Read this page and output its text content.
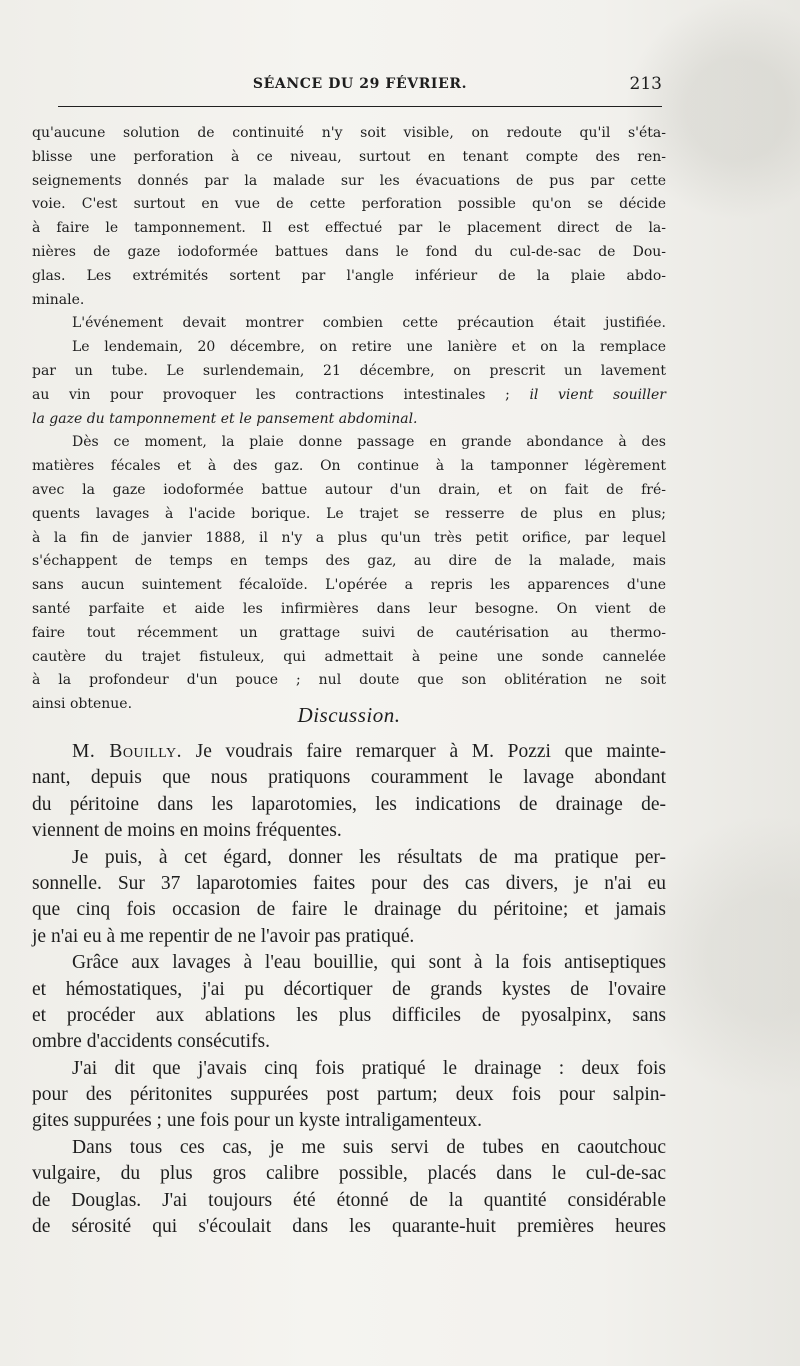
SÉANCE DU 29 FÉVRIER.	213
qu'aucune solution de continuité n'y soit visible, on redoute qu'il s'éta-
blisse une perforation à ce niveau, surtout en tenant compte des ren-
seignements donnés par la malade sur les évacuations de pus par cette
voie. C'est surtout en vue de cette perforation possible qu'on se décide
à faire le tamponnement. Il est effectué par le placement direct de la-
nières de gaze iodoformée battues dans le fond du cul-de-sac de Dou-
glas. Les extrémités sortent par l'angle inférieur de la plaie abdo-
minale.
L'événement devait montrer combien cette précaution était justifiée.
Le lendemain, 20 décembre, on retire une lanière et on la remplace
par un tube. Le surlendemain, 21 décembre, on prescrit un lavement
au vin pour provoquer les contractions intestinales ; il vient souiller
la gaze du tamponnement et le pansement abdominal.
Dès ce moment, la plaie donne passage en grande abondance à des
matières fécales et à des gaz. On continue à la tamponner légèrement
avec la gaze iodoformée battue autour d'un drain, et on fait de fré-
quents lavages à l'acide borique. Le trajet se resserre de plus en plus;
à la fin de janvier 1888, il n'y a plus qu'un très petit orifice, par lequel
s'échappent de temps en temps des gaz, au dire de la malade, mais
sans aucun suintement fécaloïde. L'opérée a repris les apparences d'une
santé parfaite et aide les infirmières dans leur besogne. On vient de
faire tout récemment un grattage suivi de cautérisation au thermo-
cautère du trajet fistuleux, qui admettait à peine une sonde cannelée
à la profondeur d'un pouce ; nul doute que son oblitération ne soit
ainsi obtenue.	Discussion.
M. Bouilly. Je voudrais faire remarquer à M. Pozzi que mainte-
nant, depuis que nous pratiquons couramment le lavage abondant
du péritoine dans les laparotomies, les indications de drainage de-
viennent de moins en moins fréquentes.
Je puis, à cet égard, donner les résultats de ma pratique per-
sonnelle. Sur 37 laparotomies faites pour des cas divers, je n'ai eu
que cinq fois occasion de faire le drainage du péritoine; et jamais
je n'ai eu à me repentir de ne l'avoir pas pratiqué.
Grâce aux lavages à l'eau bouillie, qui sont à la fois antiseptiques
et hémostatiques, j'ai pu décortiquer de grands kystes de l'ovaire
et procéder aux ablations les plus difficiles de pyosalpinx, sans
ombre d'accidents consécutifs.
J'ai dit que j'avais cinq fois pratiqué le drainage : deux fois
pour des péritonites suppurées post partum; deux fois pour salpin-
gites suppurées ; une fois pour un kyste intraligamenteux.
Dans tous ces cas, je me suis servi de tubes en caoutchouc
vulgaire, du plus gros calibre possible, placés dans le cul-de-sac
de Douglas. J'ai toujours été étonné de la quantité considérable
de sérosité qui s'écoulait dans les quarante-huit premières heures
